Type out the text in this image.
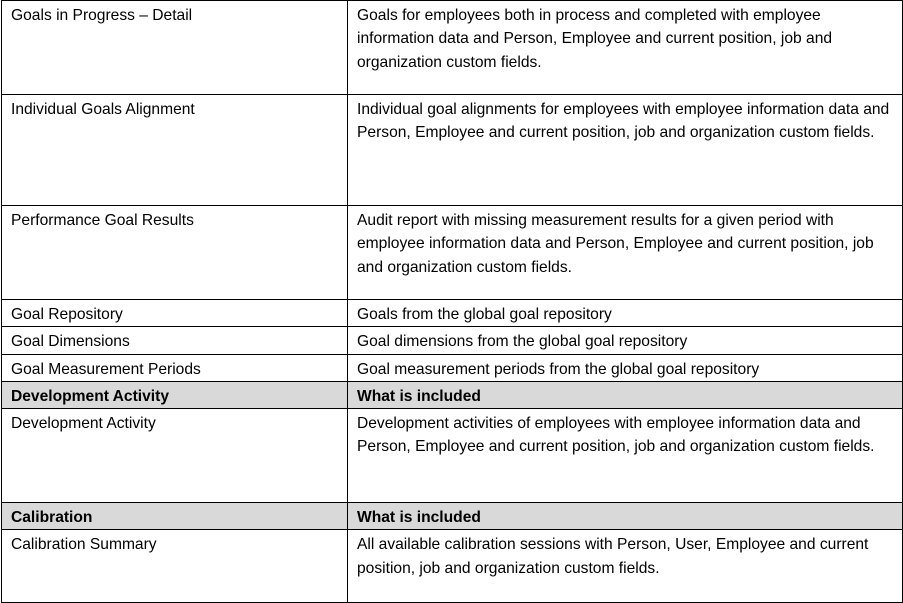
Goals in Progress – Detail	Goals for employees both in process and completed with employee information data and Person, Employee and current position, job and organization custom fields.
Individual Goals Alignment	Individual goal alignments for employees with employee information data and Person, Employee and current position, job and organization custom fields.
Performance Goal Results	Audit report with missing measurement results for a given period with employee information data and Person, Employee and current position, job and organization custom fields.
Goal Repository	Goals from the global goal repository
Goal Dimensions	Goal dimensions from the global goal repository
Goal Measurement Periods	Goal measurement periods from the global goal repository
Development Activity	What is included
Development Activity	Development activities of employees with employee information data and Person, Employee and current position, job and organization custom fields.
Calibration	What is included
Calibration Summary	All available calibration sessions with Person, User, Employee and current position, job and organization custom fields.
